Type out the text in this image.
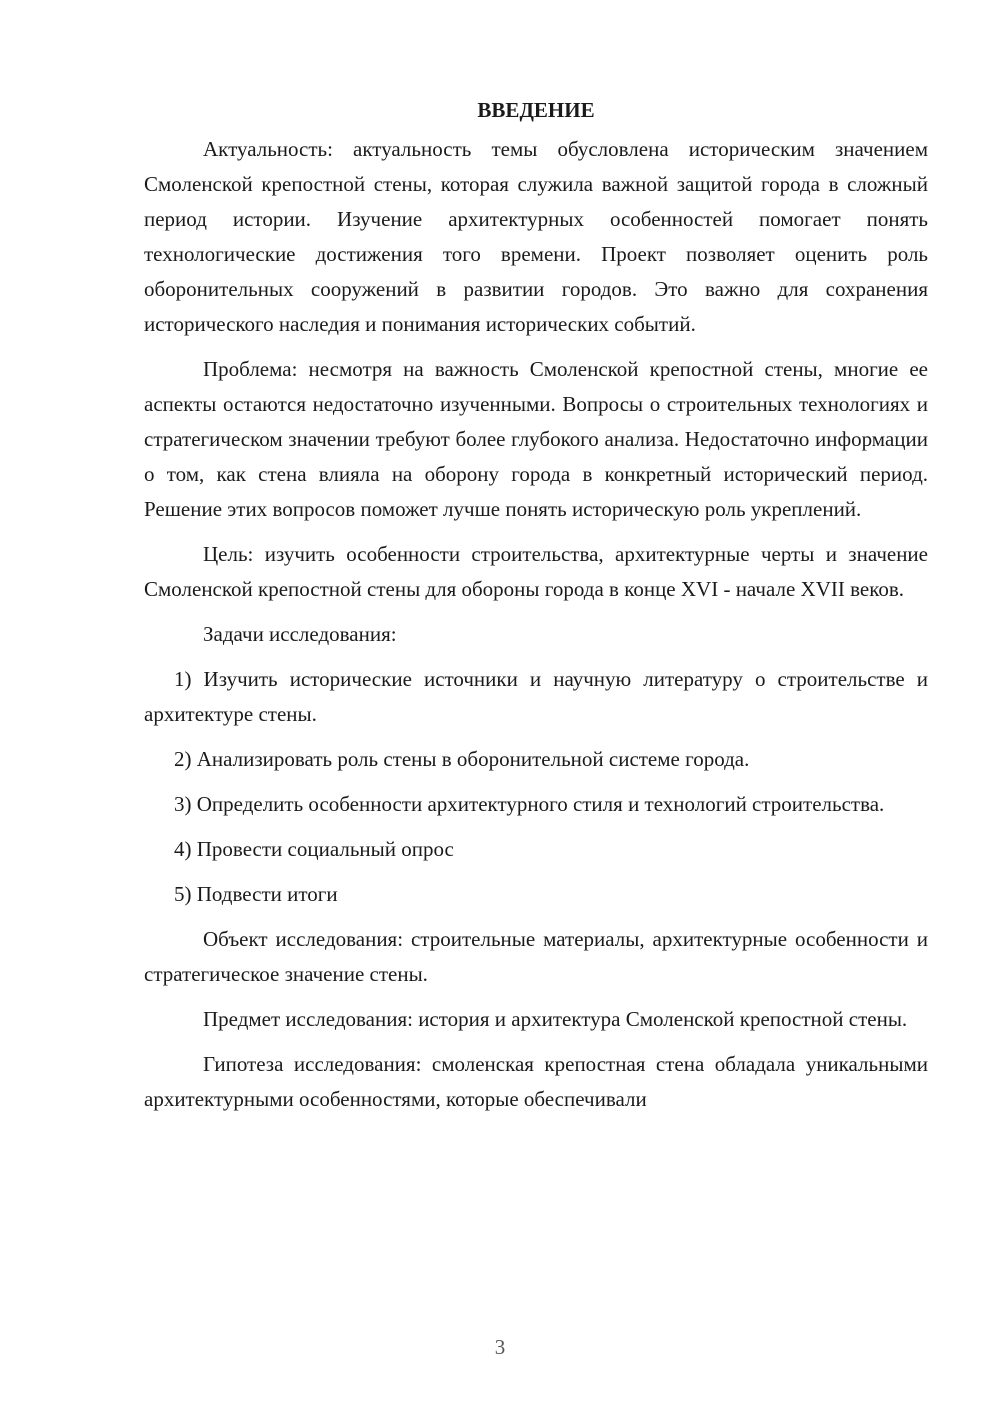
ВВЕДЕНИЕ

Актуальность: актуальность темы обусловлена историческим значением Смоленской крепостной стены, которая служила важной защитой города в сложный период истории. Изучение архитектурных особенностей помогает понять технологические достижения того времени. Проект позволяет оценить роль оборонительных сооружений в развитии городов. Это важно для сохранения исторического наследия и понимания исторических событий.

Проблема: несмотря на важность Смоленской крепостной стены, многие ее аспекты остаются недостаточно изученными. Вопросы о строительных технологиях и стратегическом значении требуют более глубокого анализа. Недостаточно информации о том, как стена влияла на оборону города в конкретный исторический период. Решение этих вопросов поможет лучше понять историческую роль укреплений.

Цель: изучить особенности строительства, архитектурные черты и значение Смоленской крепостной стены для обороны города в конце XVI - начале XVII веков.

Задачи исследования:

1) Изучить исторические источники и научную литературу о строительстве и архитектуре стены.

2) Анализировать роль стены в оборонительной системе города.

3) Определить особенности архитектурного стиля и технологий строительства.

4) Провести социальный опрос

5) Подвести итоги

Объект исследования: строительные материалы, архитектурные особенности и стратегическое значение стены.

Предмет исследования: история и архитектура Смоленской крепостной стены.

Гипотеза исследования: смоленская крепостная стена обладала уникальными архитектурными особенностями, которые обеспечивали

3
